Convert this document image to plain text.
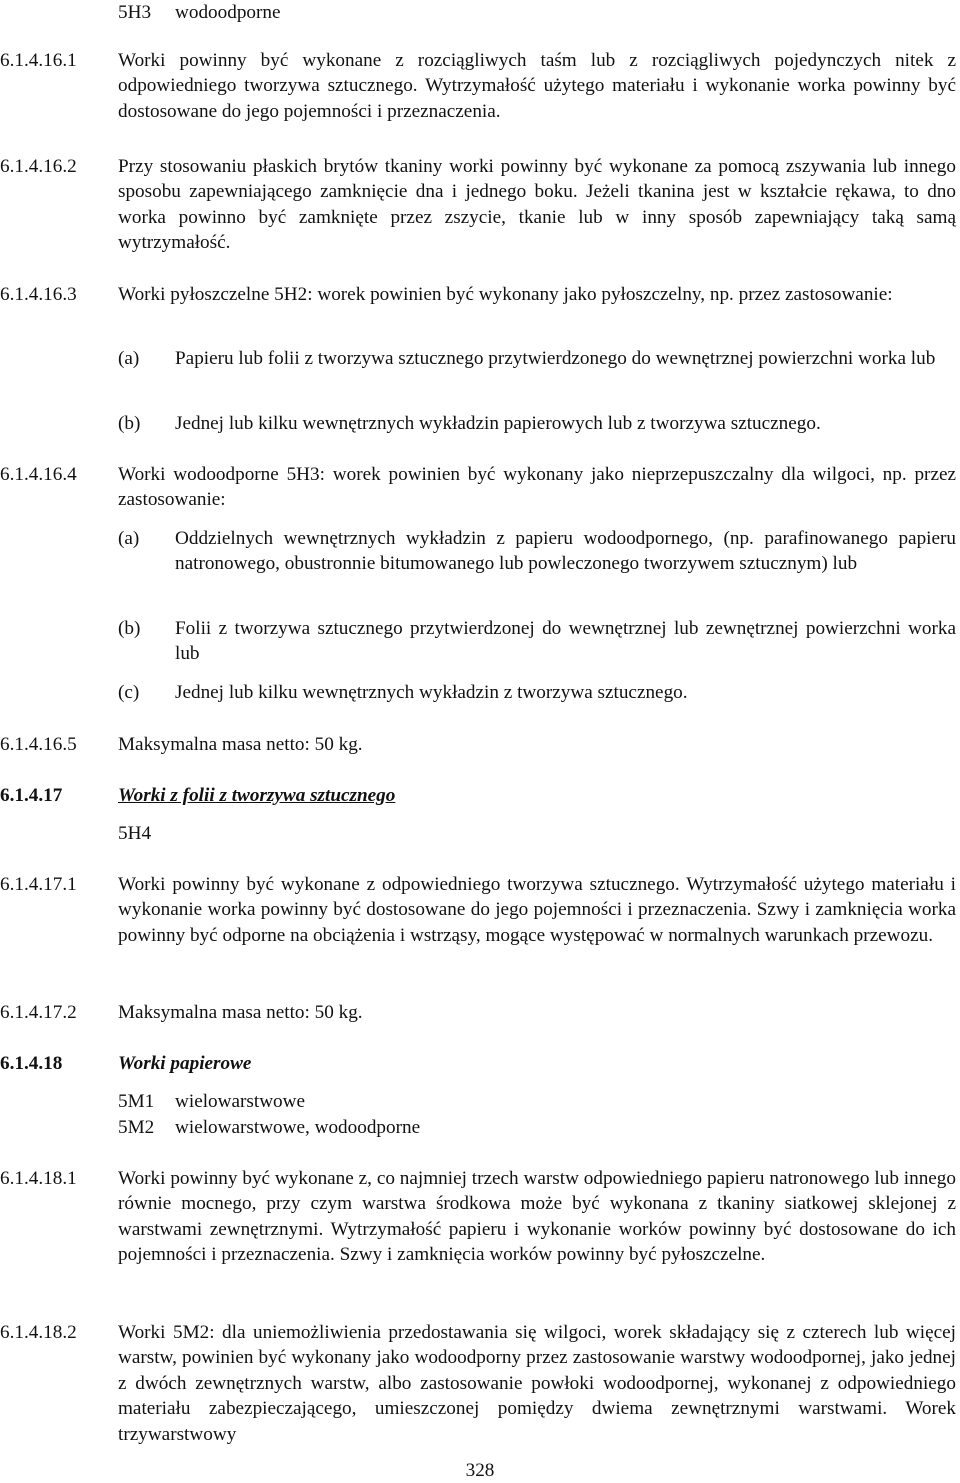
5H3 wodoodporne
6.1.4.16.1 Worki powinny być wykonane z rozciągliwych taśm lub z rozciągliwych pojedynczych nitek z odpowiedniego tworzywa sztucznego. Wytrzymałość użytego materiału i wykonanie worka powinny być dostosowane do jego pojemności i przeznaczenia.
6.1.4.16.2 Przy stosowaniu płaskich brytów tkaniny worki powinny być wykonane za pomocą zszywania lub innego sposobu zapewniającego zamknięcie dna i jednego boku. Jeżeli tkanina jest w kształcie rękawa, to dno worka powinno być zamknięte przez zszycie, tkanie lub w inny sposób zapewniający taką samą wytrzymałość.
6.1.4.16.3 Worki pyłoszczelne 5H2: worek powinien być wykonany jako pyłoszczelny, np. przez zastosowanie:
(a) Papieru lub folii z tworzywa sztucznego przytwierdzonego do wewnętrznej powierzchni worka lub
(b) Jednej lub kilku wewnętrznych wykładzin papierowych lub z tworzywa sztucznego.
6.1.4.16.4 Worki wodoodporne 5H3: worek powinien być wykonany jako nieprzepuszczalny dla wilgoci, np. przez zastosowanie:
(a) Oddzielnych wewnętrznych wykładzin z papieru wodoodpornego, (np. parafinowanego papieru natronowego, obustronnie bitumowanego lub powleczonego tworzywem sztucznym) lub
(b) Folii z tworzywa sztucznego przytwierdzonej do wewnętrznej lub zewnętrznej powierzchni worka lub
(c) Jednej lub kilku wewnętrznych wykładzin z tworzywa sztucznego.
6.1.4.16.5 Maksymalna masa netto: 50 kg.
6.1.4.17	Worki z folii z tworzywa sztucznego
5H4
6.1.4.17.1 Worki powinny być wykonane z odpowiedniego tworzywa sztucznego. Wytrzymałość użytego materiału i wykonanie worka powinny być dostosowane do jego pojemności i przeznaczenia. Szwy i zamknięcia worka powinny być odporne na obciążenia i wstrząsy, mogące występować w normalnych warunkach przewozu.
6.1.4.17.2 Maksymalna masa netto: 50 kg.
6.1.4.18	Worki papierowe
5M1 wielowarstwowe
5M2 wielowarstwowe, wodoodporne
6.1.4.18.1 Worki powinny być wykonane z, co najmniej trzech warstw odpowiedniego papieru natronowego lub innego równie mocnego, przy czym warstwa środkowa może być wykonana z tkaniny siatkowej sklejonej z warstwami zewnętrznymi. Wytrzymałość papieru i wykonanie worków powinny być dostosowane do ich pojemności i przeznaczenia. Szwy i zamknięcia worków powinny być pyłoszczelne.
6.1.4.18.2 Worki 5M2: dla uniemożliwienia przedostawania się wilgoci, worek składający się z czterech lub więcej warstw, powinien być wykonany jako wodoodporny przez zastosowanie warstwy wodoodpornej, jako jednej z dwóch zewnętrznych warstw, albo zastosowanie powłoki wodoodpornej, wykonanej z odpowiedniego materiału zabezpieczającego, umieszczonej pomiędzy dwiema zewnętrznymi warstwami. Worek trzywarstwowy
328
